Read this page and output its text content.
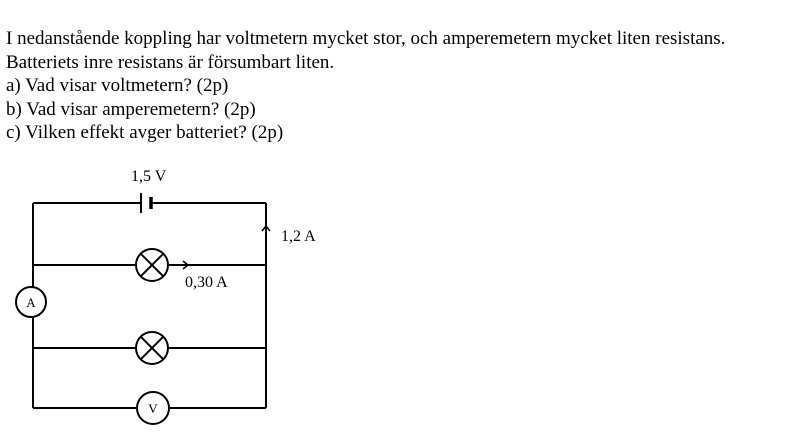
I nedanstående koppling har voltmetern mycket stor, och amperemetern mycket liten resistans.
Batteriets inre resistans är försumbart liten.
a) Vad visar voltmetern? (2p)
b) Vad visar amperemetern? (2p)
c) Vilken effekt avger batteriet? (2p)
1,5 V
1,2 A
0,30 A
A
V
